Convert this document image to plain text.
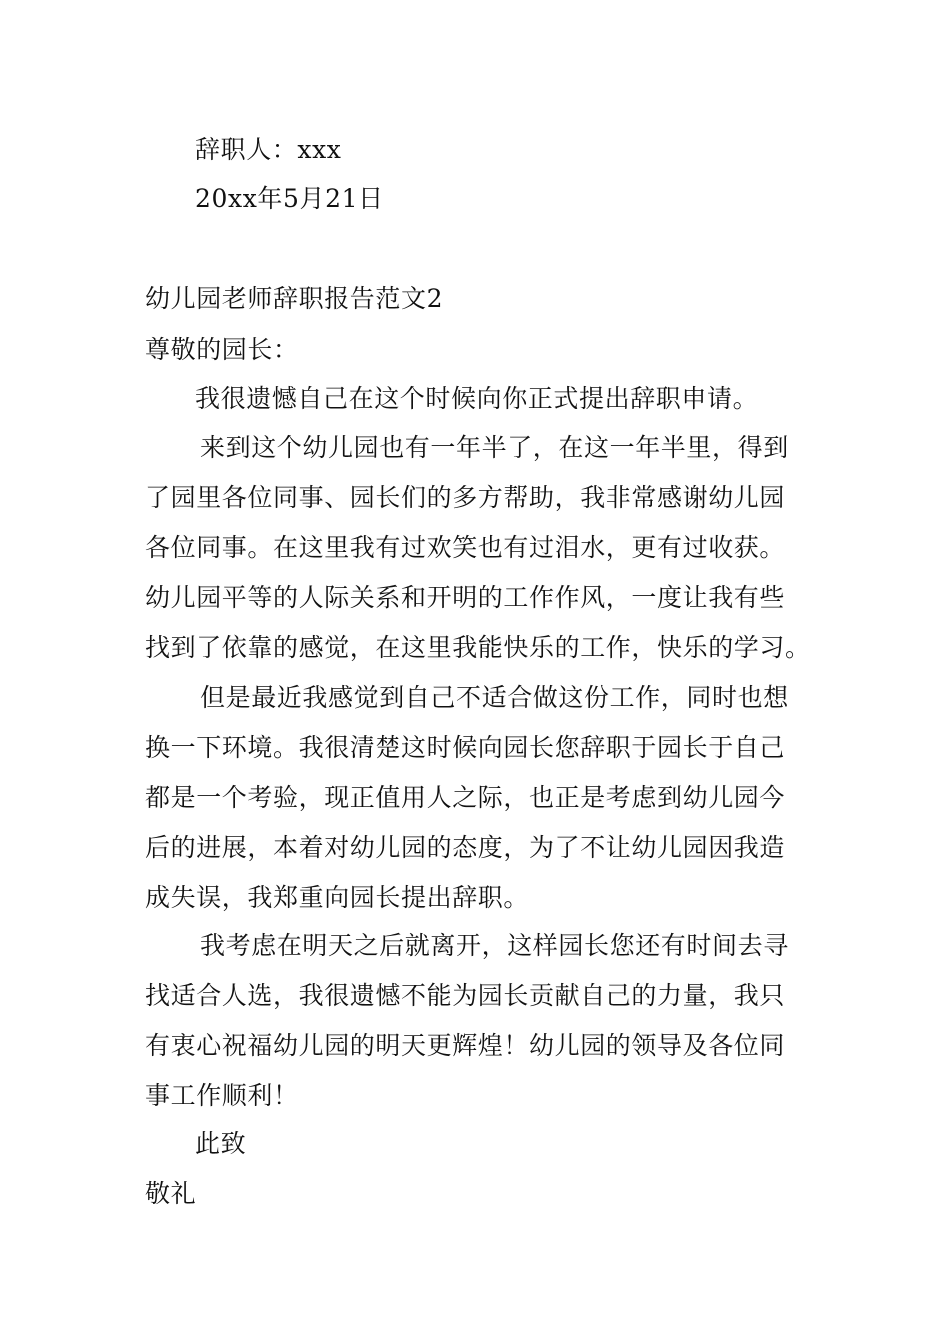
辞职人：xxx
20xx年5月21日
幼儿园老师辞职报告范文2
尊敬的园长：
我很遗憾自己在这个时候向你正式提出辞职申请。
来到这个幼儿园也有一年半了，在这一年半里，得到
了园里各位同事、园长们的多方帮助，我非常感谢幼儿园
各位同事。在这里我有过欢笑也有过泪水，更有过收获。
幼儿园平等的人际关系和开明的工作作风，一度让我有些
找到了依靠的感觉，在这里我能快乐的工作，快乐的学习。
但是最近我感觉到自己不适合做这份工作，同时也想
换一下环境。我很清楚这时候向园长您辞职于园长于自己
都是一个考验，现正值用人之际，也正是考虑到幼儿园今
后的进展，本着对幼儿园的态度，为了不让幼儿园因我造
成失误，我郑重向园长提出辞职。
我考虑在明天之后就离开，这样园长您还有时间去寻
找适合人选，我很遗憾不能为园长贡献自己的力量，我只
有衷心祝福幼儿园的明天更辉煌！幼儿园的领导及各位同
事工作顺利！
此致
敬礼
